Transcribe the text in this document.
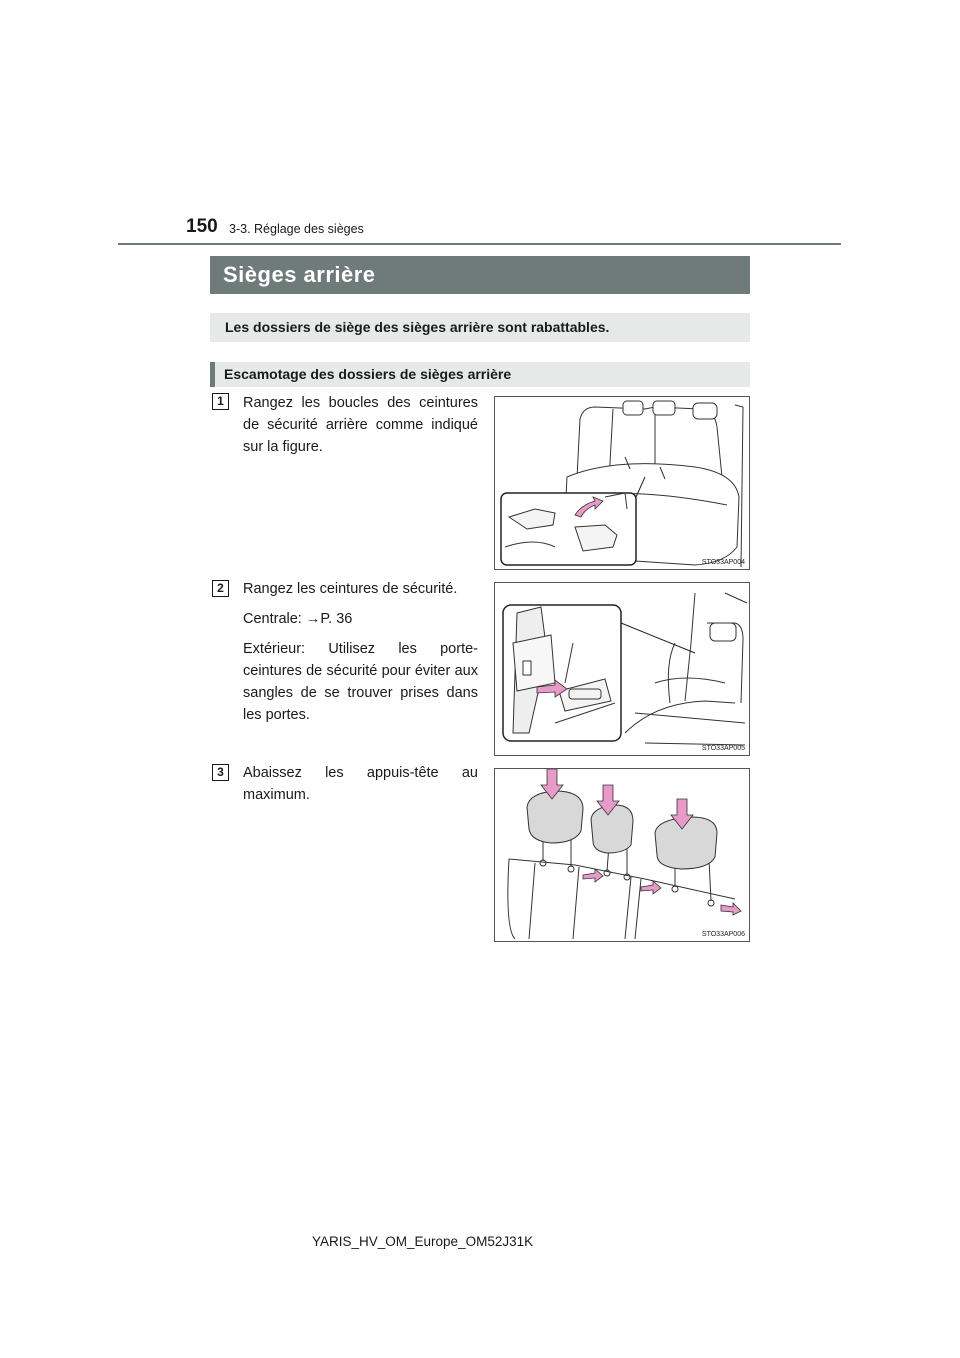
150 3-3. Réglage des sièges
Sièges arrière
Les dossiers de siège des sièges arrière sont rabattables.
Escamotage des dossiers de sièges arrière
1	Rangez les boucles des ceintures de sécurité arrière comme indiqué sur la figure.

STO33AP004
2	Rangez les ceintures de sécurité.

Centrale: →P. 36

Extérieur: Utilisez les porte-ceintures de sécurité pour éviter aux sangles de se trouver prises dans les portes.

STO33AP005
3	Abaissez les appuis-tête au maximum.

STO33AP006
YARIS_HV_OM_Europe_OM52J31K
